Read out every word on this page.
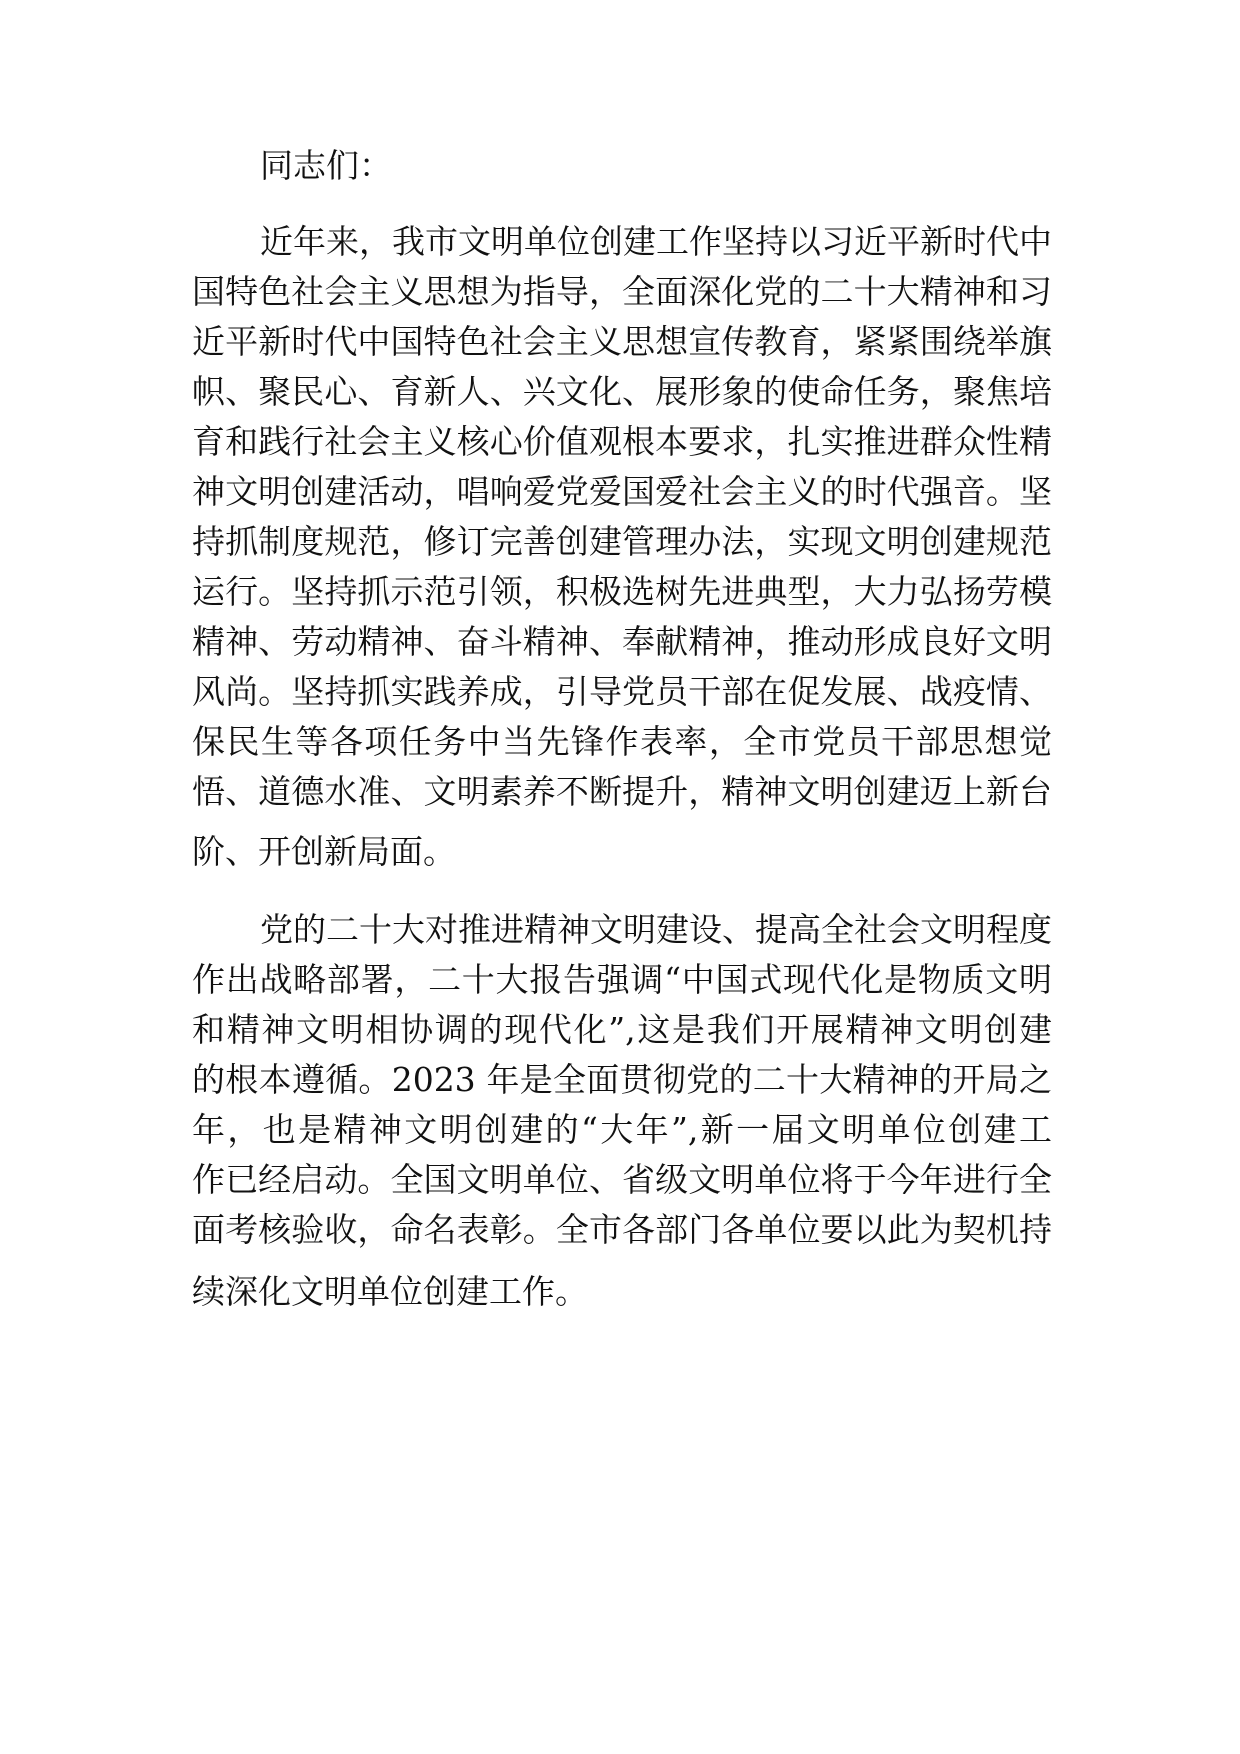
同志们：
近年来，我市文明单位创建工作坚持以习近平新时代中
国特色社会主义思想为指导，全面深化党的二十大精神和习
近平新时代中国特色社会主义思想宣传教育，紧紧围绕举旗
帜、聚民心、育新人、兴文化、展形象的使命任务，聚焦培
育和践行社会主义核心价值观根本要求，扎实推进群众性精
神文明创建活动，唱响爱党爱国爱社会主义的时代强音。坚
持抓制度规范，修订完善创建管理办法，实现文明创建规范
运行。坚持抓示范引领，积极选树先进典型，大力弘扬劳模
精神、劳动精神、奋斗精神、奉献精神，推动形成良好文明
风尚。坚持抓实践养成，引导党员干部在促发展、战疫情、
保民生等各项任务中当先锋作表率，全市党员干部思想觉
悟、道德水准、文明素养不断提升，精神文明创建迈上新台
阶、开创新局面。
党的二十大对推进精神文明建设、提高全社会文明程度
作出战略部署，二十大报告强调“中国式现代化是物质文明
和精神文明相协调的现代化”,这是我们开展精神文明创建
的根本遵循。2023 年是全面贯彻党的二十大精神的开局之
年，也是精神文明创建的“大年”,新一届文明单位创建工
作已经启动。全国文明单位、省级文明单位将于今年进行全
面考核验收，命名表彰。全市各部门各单位要以此为契机持
续深化文明单位创建工作。
